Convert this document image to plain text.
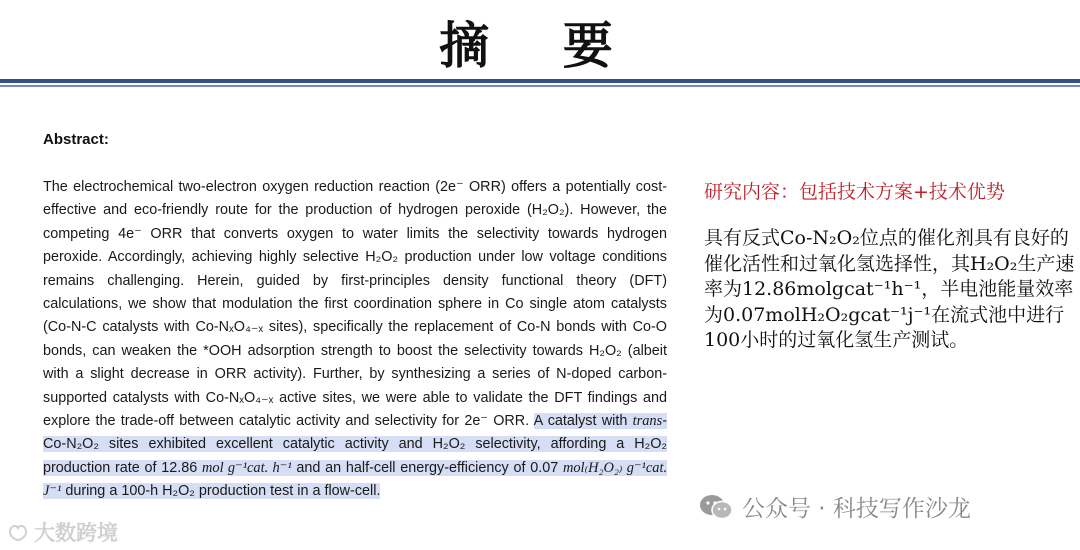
摘 要
Abstract:

The electrochemical two-electron oxygen reduction reaction (2e⁻ ORR) offers a potentially cost-effective and eco-friendly route for the production of hydrogen peroxide (H₂O₂). However, the competing 4e⁻ ORR that converts oxygen to water limits the selectivity towards hydrogen peroxide. Accordingly, achieving highly selective H₂O₂ production under low voltage conditions remains challenging. Herein, guided by first-principles density functional theory (DFT) calculations, we show that modulation the first coordination sphere in Co single atom catalysts (Co-N-C catalysts with Co-NₓO₄₋ₓ sites), specifically the replacement of Co-N bonds with Co-O bonds, can weaken the *OOH adsorption strength to boost the selectivity towards H₂O₂ (albeit with a slight decrease in ORR activity). Further, by synthesizing a series of N-doped carbon-supported catalysts with Co-NₓO₄₋ₓ active sites, we were able to validate the DFT findings and explore the trade-off between catalytic activity and selectivity for 2e⁻ ORR. A catalyst with trans-Co-N₂O₂ sites exhibited excellent catalytic activity and H₂O₂ selectivity, affording a H₂O₂ production rate of 12.86 mol g⁻¹cat. h⁻¹ and an half-cell energy-efficiency of 0.07 mol₍H₂O₂₎ g⁻¹cat. J⁻¹ during a 100-h H₂O₂ production test in a flow-cell.

研究内容：包括技术方案+技术优势
具有反式Co-N₂O₂位点的催化剂具有良好的催化活性和过氧化氢选择性，其H₂O₂生产速率为12.86molgcat⁻¹h⁻¹，半电池能量效率为0.07molH₂O₂gcat⁻¹j⁻¹在流式池中进行100小时的过氧化氢生产测试。
公众号 · 科技写作沙龙
大数跨境
